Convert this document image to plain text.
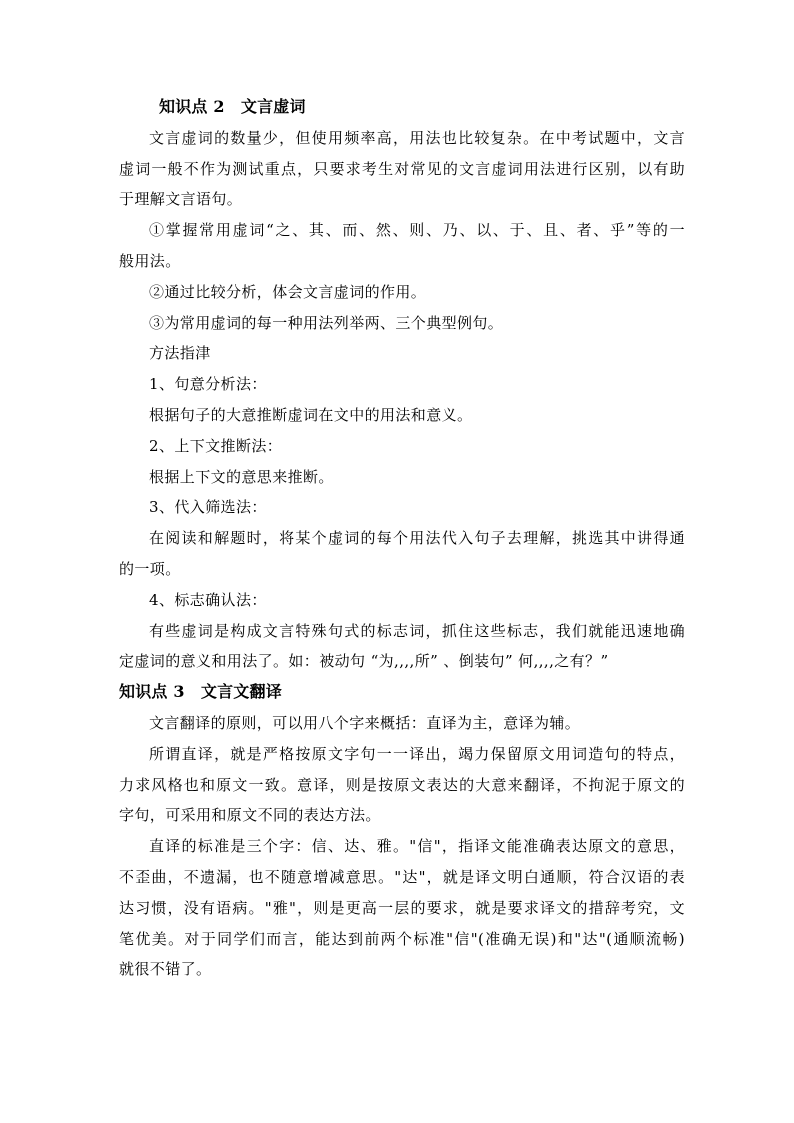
知识点 2　文言虚词
文言虚词的数量少，但使用频率高，用法也比较复杂。在中考试题中，文言
虚词一般不作为测试重点，只要求考生对常见的文言虚词用法进行区别，以有助
于理解文言语句。
①掌握常用虚词“之、其、而、然、则、乃、以、于、且、者、乎”等的一
般用法。
②通过比较分析，体会文言虚词的作用。
③为常用虚词的每一种用法列举两、三个典型例句。
方法指津
1、句意分析法：
根据句子的大意推断虚词在文中的用法和意义。
2、上下文推断法：
根据上下文的意思来推断。
3、代入筛选法：
在阅读和解题时，将某个虚词的每个用法代入句子去理解，挑选其中讲得通
的一项。
4、标志确认法：
有些虚词是构成文言特殊句式的标志词，抓住这些标志，我们就能迅速地确
定虚词的意义和用法了。如：被动句 “为,,,,所” 、倒装句” 何,,,,之有？”
知识点 3　文言文翻译
文言翻译的原则，可以用八个字来概括：直译为主，意译为辅。
所谓直译，就是严格按原文字句一一译出，竭力保留原文用词造句的特点，
力求风格也和原文一致。意译，则是按原文表达的大意来翻译，不拘泥于原文的
字句，可采用和原文不同的表达方法。
直译的标准是三个字：信、达、雅。"信"，指译文能准确表达原文的意思，
不歪曲，不遗漏，也不随意增减意思。"达"，就是译文明白通顺，符合汉语的表
达习惯，没有语病。"雅"，则是更高一层的要求，就是要求译文的措辞考究，文
笔优美。对于同学们而言，能达到前两个标准"信"(准确无误)和"达"(通顺流畅)
就很不错了。
